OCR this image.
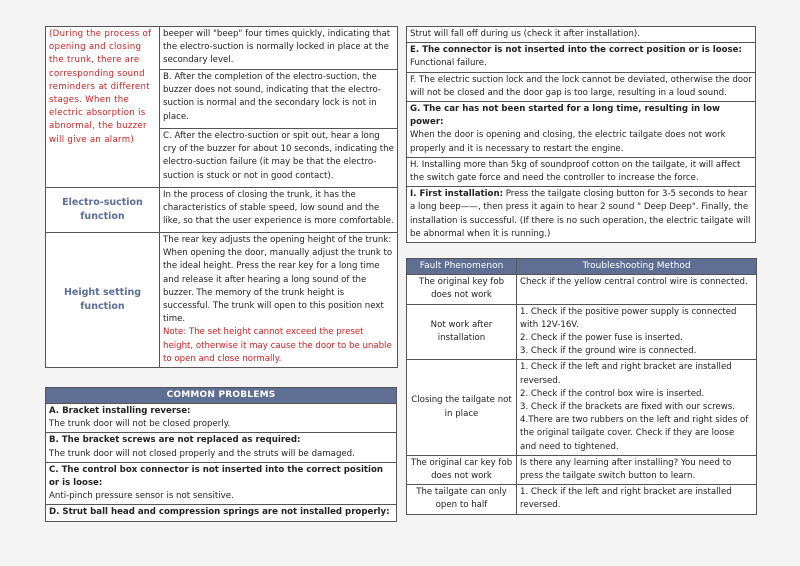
(During the process of opening and closing the trunk, there are corresponding sound reminders at different stages. When the electric absorption is abnormal, the buzzer will give an alarm)	beeper will "beep" four times quickly, indicating that the electro-suction is normally locked in place at the secondary level.
	B. After the completion of the electro-suction, the buzzer does not sound, indicating that the electro-suction is normal and the secondary lock is not in place.
	C. After the electro-suction or spit out, hear a long cry of the buzzer for about 10 seconds, indicating the electro-suction failure (it may be that the electro-suction is stuck or not in good contact).
Electro-suction function	In the process of closing the trunk, it has the characteristics of stable speed, low sound and the like, so that the user experience is more comfortable.
Height setting function	The rear key adjusts the opening height of the trunk: When opening the door, manually adjust the trunk to the ideal height. Press the rear key for a long time and release it after hearing a long sound of the buzzer. The memory of the trunk height is successful. The trunk will open to this position next time.
Note: The set height cannot exceed the preset height, otherwise it may cause the door to be unable to open and close normally.
COMMON PROBLEMS

A. Bracket installing reverse:
The trunk door will not be closed properly.

B. The bracket screws are not replaced as required:
The trunk door will not closed properly and the struts will be damaged.

C. The control box connector is not inserted into the correct position or is loose:
Anti-pinch pressure sensor is not sensitive.

D. Strut ball head and compression springs are not installed properly:
Strut will fall off during us (check it after installation).

E. The connector is not inserted into the correct position or is loose:
Functional failure.

F. The electric suction lock and the lock cannot be deviated, otherwise the door will not be closed and the door gap is too large, resulting in a loud sound.

G. The car has not been started for a long time, resulting in low power:
When the door is opening and closing, the electric tailgate does not work properly and it is necessary to restart the engine.

H. Installing more than 5kg of soundproof cotton on the tailgate, it will affect the switch gate force and need the controller to increase the force.
I. First installation: Press the tailgate closing button for 3-5 seconds to hear a long beep——, then press it again to hear 2 sound " Deep Deep". Finally, the installation is successful. (If there is no such operation, the electric tailgate will be abnormal when it is running.)
Fault Phenomenon	Troubleshooting Method
The original key fob does not work	Check if the yellow central control wire is connected.
Not work after installation	1. Check if the positive power supply is connected with 12V-16V.
2. Check if the power fuse is inserted.
3. Check if the ground wire is connected.

Closing the tailgate not in place	1. Check if the left and right bracket are installed reversed.
2. Check if the control box wire is inserted.
3. Check if the brackets are fixed with our screws.
4.There are two rubbers on the left and right sides of the original tailgate cover. Check if they are loose and need to tightened.

The original car key fob does not work	Is there any learning after installing? You need to press the tailgate switch button to learn.
The tailgate can only open to half	1. Check if the left and right bracket are installed reversed.
